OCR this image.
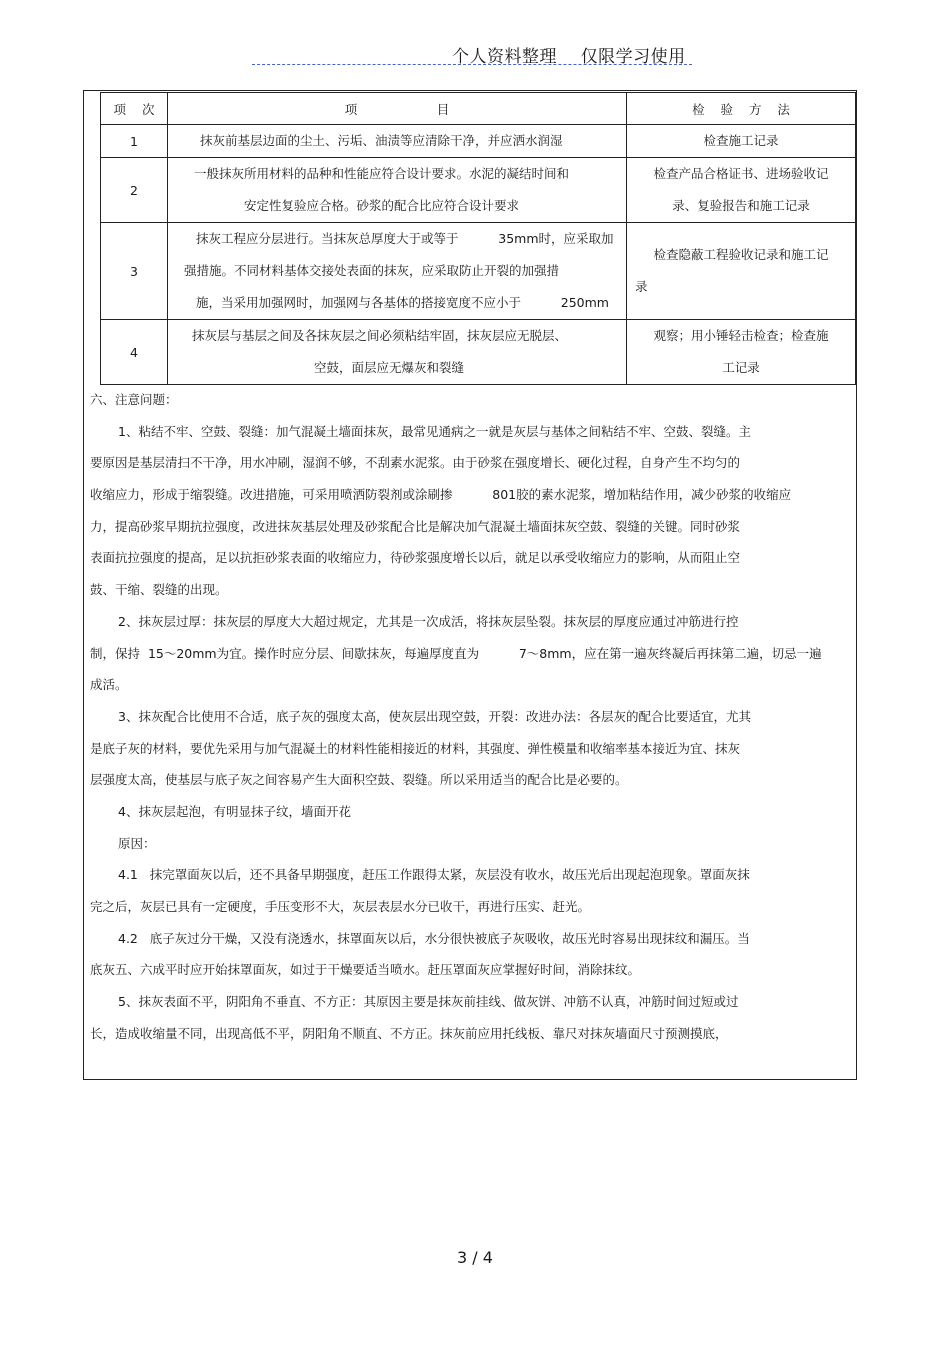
个人资料整理    仅限学习使用
项    次	项                    目	检    验    方    法
1	抹灰前基层边面的尘土、污垢、油渍等应清除干净，并应洒水润湿	检查施工记录

2	一般抹灰所用材料的品种和性能应符合设计要求。水泥的凝结时间和
安定性复验应合格。砂浆的配合比应符合设计要求	检查产品合格证书、进场验收记
录、复验报告和施工记录

3	抹灰工程应分层进行。当抹灰总厚度大于或等于          35mm时，应采取加
强措施。不同材料基体交接处表面的抹灰，应采取防止开裂的加强措
施，当采用加强网时，加强网与各基体的搭接宽度不应小于          250mm	检查隐蔽工程验收记录和施工记
录

4	抹灰层与基层之间及各抹灰层之间必须粘结牢固，抹灰层应无脱层、
空鼓，面层应无爆灰和裂缝	观察；用小锤轻击检查；检查施
工记录
六、注意问题：
1、粘结不牢、空鼓、裂缝：加气混凝土墙面抹灰，最常见通病之一就是灰层与基体之间粘结不牢、空鼓、裂缝。主
要原因是基层清扫不干净，用水冲刷，湿润不够，不刮素水泥浆。由于砂浆在强度增长、硬化过程，自身产生不均匀的
收缩应力，形成于缩裂缝。改进措施，可采用喷洒防裂剂或涂刷掺          801胶的素水泥浆，增加粘结作用，减少砂浆的收缩应
力，提高砂浆早期抗拉强度，改进抹灰基层处理及砂浆配合比是解决加气混凝土墙面抹灰空鼓、裂缝的关键。同时砂浆
表面抗拉强度的提高，足以抗拒砂浆表面的收缩应力，待砂浆强度增长以后，就足以承受收缩应力的影响，从而阻止空
鼓、干缩、裂缝的出现。
2、抹灰层过厚：抹灰层的厚度大大超过规定，尤其是一次成活，将抹灰层坠裂。抹灰层的厚度应通过冲筋进行控
制，保持  15～20mm为宜。操作时应分层、间歇抹灰，每遍厚度直为          7～8mm，应在第一遍灰终凝后再抹第二遍，切忌一遍
成活。
3、抹灰配合比使用不合适，底子灰的强度太高，使灰层出现空鼓，开裂：改进办法：各层灰的配合比要适宜，尤其
是底子灰的材料，要优先采用与加气混凝土的材料性能相接近的材料，其强度、弹性模量和收缩率基本接近为宜、抹灰
层强度太高，使基层与底子灰之间容易产生大面积空鼓、裂缝。所以采用适当的配合比是必要的。
4、抹灰层起泡，有明显抹子纹，墙面开花
原因：
4.1   抹完罩面灰以后，还不具备早期强度，赶压工作跟得太紧，灰层没有收水，故压光后出现起泡现象。罩面灰抹
完之后，灰层已具有一定硬度，手压变形不大，灰层表层水分已收干，再进行压实、赶光。
4.2   底子灰过分干燥，又没有浇透水，抹罩面灰以后，水分很快被底子灰吸收，故压光时容易出现抹纹和漏压。当
底灰五、六成平时应开始抹罩面灰，如过于干燥要适当喷水。赶压罩面灰应掌握好时间，消除抹纹。
5、抹灰表面不平，阴阳角不垂直、不方正：其原因主要是抹灰前挂线、做灰饼、冲筋不认真，冲筋时间过短或过
长，造成收缩量不同，出现高低不平，阴阳角不顺直、不方正。抹灰前应用托线板、靠尺对抹灰墙面尺寸预测摸底，
3 / 4
